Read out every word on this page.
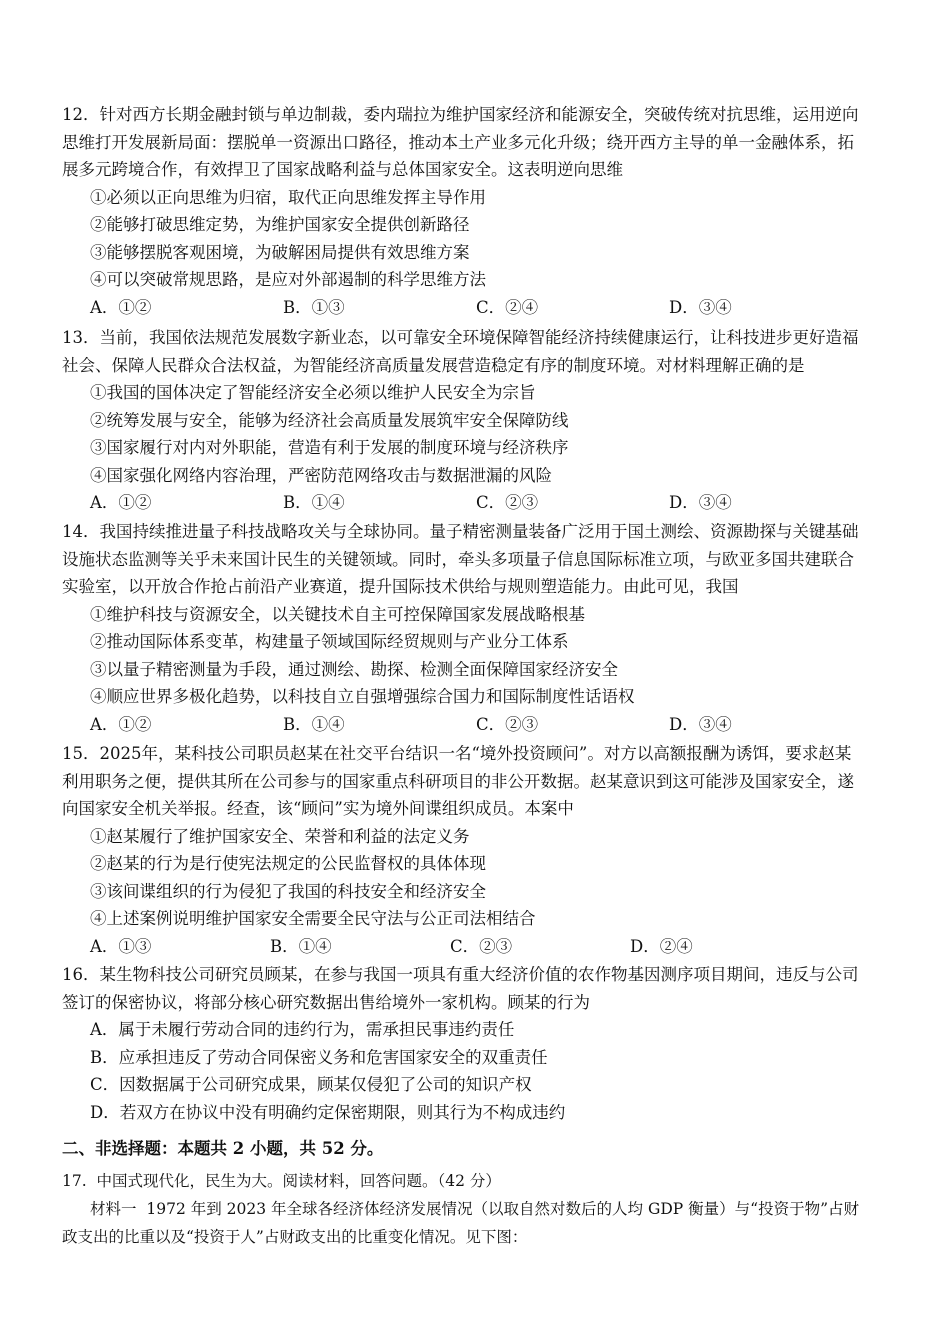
12．针对西方长期金融封锁与单边制裁，委内瑞拉为维护国家经济和能源安全，突破传统对抗思维，运用逆向思维打开发展新局面：摆脱单一资源出口路径，推动本土产业多元化升级；绕开西方主导的单一金融体系，拓展多元跨境合作，有效捍卫了国家战略利益与总体国家安全。这表明逆向思维

①必须以正向思维为归宿，取代正向思维发挥主导作用

②能够打破思维定势，为维护国家安全提供创新路径

③能够摆脱客观困境，为破解困局提供有效思维方案

④可以突破常规思路，是应对外部遏制的科学思维方法

A．①②	B．①③	C．②④	D．③④

13．当前，我国依法规范发展数字新业态，以可靠安全环境保障智能经济持续健康运行，让科技进步更好造福社会、保障人民群众合法权益，为智能经济高质量发展营造稳定有序的制度环境。对材料理解正确的是

①我国的国体决定了智能经济安全必须以维护人民安全为宗旨

②统筹发展与安全，能够为经济社会高质量发展筑牢安全保障防线

③国家履行对内对外职能，营造有利于发展的制度环境与经济秩序

④国家强化网络内容治理，严密防范网络攻击与数据泄漏的风险

A．①②	B．①④	C．②③	D．③④

14．我国持续推进量子科技战略攻关与全球协同。量子精密测量装备广泛用于国土测绘、资源勘探与关键基础设施状态监测等关乎未来国计民生的关键领域。同时，牵头多项量子信息国际标准立项，与欧亚多国共建联合实验室，以开放合作抢占前沿产业赛道，提升国际技术供给与规则塑造能力。由此可见，我国

①维护科技与资源安全，以关键技术自主可控保障国家发展战略根基

②推动国际体系变革，构建量子领域国际经贸规则与产业分工体系

③以量子精密测量为手段，通过测绘、勘探、检测全面保障国家经济安全

④顺应世界多极化趋势，以科技自立自强增强综合国力和国际制度性话语权

A．①②	B．①④	C．②③	D．③④

15．2025年，某科技公司职员赵某在社交平台结识一名“境外投资顾问”。对方以高额报酬为诱饵，要求赵某利用职务之便，提供其所在公司参与的国家重点科研项目的非公开数据。赵某意识到这可能涉及国家安全，遂向国家安全机关举报。经查，该“顾问”实为境外间谍组织成员。本案中

①赵某履行了维护国家安全、荣誉和利益的法定义务

②赵某的行为是行使宪法规定的公民监督权的具体体现

③该间谍组织的行为侵犯了我国的科技安全和经济安全

④上述案例说明维护国家安全需要全民守法与公正司法相结合

A．①③	B．①④	C．②③	D．②④

16．某生物科技公司研究员顾某，在参与我国一项具有重大经济价值的农作物基因测序项目期间，违反与公司签订的保密协议，将部分核心研究数据出售给境外一家机构。顾某的行为

A．属于未履行劳动合同的违约行为，需承担民事违约责任

B．应承担违反了劳动合同保密义务和危害国家安全的双重责任

C．因数据属于公司研究成果，顾某仅侵犯了公司的知识产权

D．若双方在协议中没有明确约定保密期限，则其行为不构成违约

二、非选择题：本题共 2 小题，共 52 分。

17. 中国式现代化，民生为大。阅读材料，回答问题。（42 分）

材料一 1972 年到 2023 年全球各经济体经济发展情况（以取自然对数后的人均 GDP 衡量）与“投资于物”占财政支出的比重以及“投资于人”占财政支出的比重变化情况。见下图：
